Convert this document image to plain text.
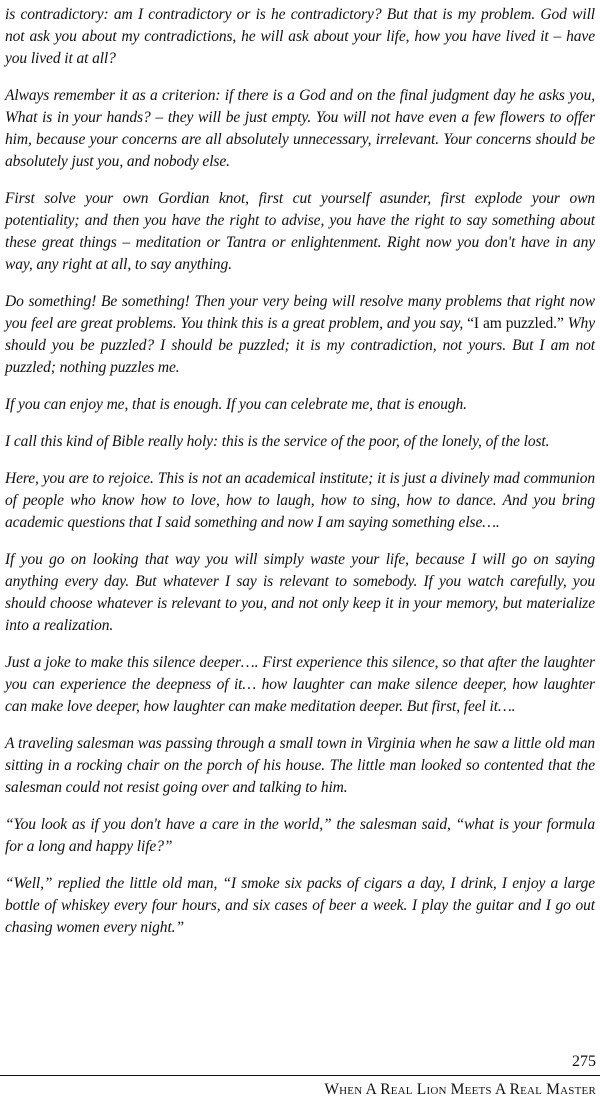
is contradictory: am I contradictory or is he contradictory? But that is my problem. God will not ask you about my contradictions, he will ask about your life, how you have lived it – have you lived it at all?

Always remember it as a criterion: if there is a God and on the final judgment day he asks you, What is in your hands? – they will be just empty. You will not have even a few flowers to offer him, because your concerns are all absolutely unnecessary, irrelevant. Your concerns should be absolutely just you, and nobody else.

First solve your own Gordian knot, first cut yourself asunder, first explode your own potentiality; and then you have the right to advise, you have the right to say something about these great things – meditation or Tantra or enlightenment. Right now you don't have in any way, any right at all, to say anything.

Do something! Be something! Then your very being will resolve many problems that right now you feel are great problems. You think this is a great problem, and you say, “I am puzzled.” Why should you be puzzled? I should be puzzled; it is my contradiction, not yours. But I am not puzzled; nothing puzzles me.

If you can enjoy me, that is enough. If you can celebrate me, that is enough.

I call this kind of Bible really holy: this is the service of the poor, of the lonely, of the lost.

Here, you are to rejoice. This is not an academical institute; it is just a divinely mad communion of people who know how to love, how to laugh, how to sing, how to dance. And you bring academic questions that I said something and now I am saying something else….

If you go on looking that way you will simply waste your life, because I will go on saying anything every day. But whatever I say is relevant to somebody. If you watch carefully, you should choose whatever is relevant to you, and not only keep it in your memory, but materialize into a realization.

Just a joke to make this silence deeper…. First experience this silence, so that after the laughter you can experience the deepness of it… how laughter can make silence deeper, how laughter can make love deeper, how laughter can make meditation deeper. But first, feel it….

A traveling salesman was passing through a small town in Virginia when he saw a little old man sitting in a rocking chair on the porch of his house. The little man looked so contented that the salesman could not resist going over and talking to him.

“You look as if you don't have a care in the world,” the salesman said, “what is your formula for a long and happy life?”

“Well,” replied the little old man, “I smoke six packs of cigars a day, I drink, I enjoy a large bottle of whiskey every four hours, and six cases of beer a week. I play the guitar and I go out chasing women every night.”

275
When A Real Lion Meets A Real Master
